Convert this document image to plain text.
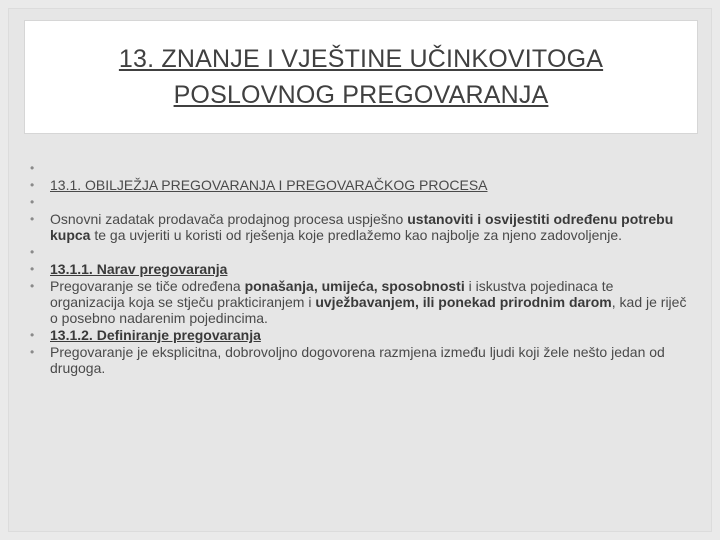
13. ZNANJE I VJEŠTINE UČINKOVITOGA
POSLOVNOG PREGOVARANJA
•

• 13.1. OBILJEŽJA PREGOVARANJA I PREGOVARAČKOG PROCESA
•

• Osnovni zadatak prodavača prodajnog procesa uspješno ustanoviti i osvijestiti određenu potrebu kupca te ga uvjeriti u koristi od rješenja koje predlažemo kao najbolje za njeno zadovoljenje.
•

• 13.1.1. Narav pregovaranja
• Pregovaranje se tiče određena ponašanja, umijeća, sposobnosti i iskustva pojedinaca te organizacija koja se stječu prakticiranjem i uvježbavanjem, ili ponekad prirodnim darom, kad je riječ o posebno nadarenim pojedincima.
• 13.1.2. Definiranje pregovaranja
• Pregovaranje je eksplicitna, dobrovoljno dogovorena razmjena između ljudi koji žele nešto jedan od drugoga.
